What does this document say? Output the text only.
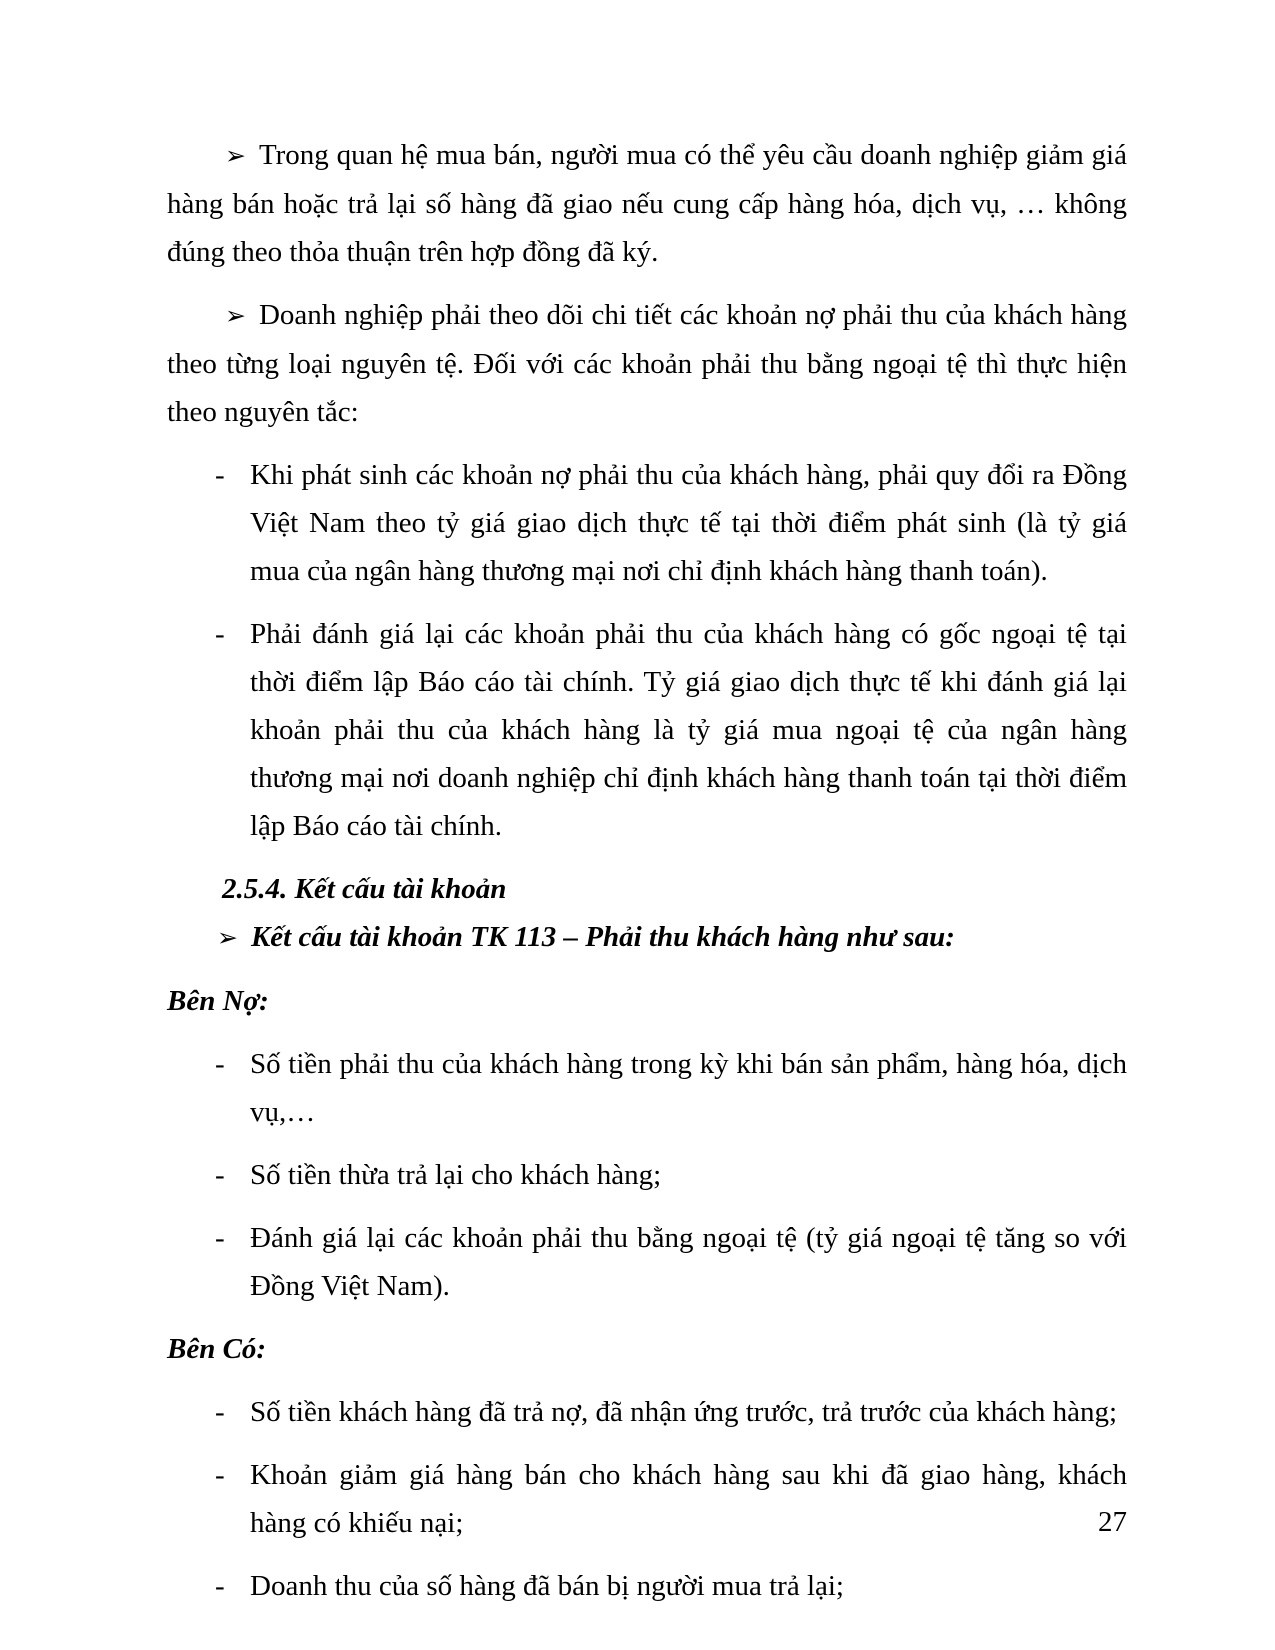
➢ Trong quan hệ mua bán, người mua có thể yêu cầu doanh nghiệp giảm giá hàng bán hoặc trả lại số hàng đã giao nếu cung cấp hàng hóa, dịch vụ, … không đúng theo thỏa thuận trên hợp đồng đã ký.

➢ Doanh nghiệp phải theo dõi chi tiết các khoản nợ phải thu của khách hàng theo từng loại nguyên tệ. Đối với các khoản phải thu bằng ngoại tệ thì thực hiện theo nguyên tắc:

- Khi phát sinh các khoản nợ phải thu của khách hàng, phải quy đổi ra Đồng Việt Nam theo tỷ giá giao dịch thực tế tại thời điểm phát sinh (là tỷ giá mua của ngân hàng thương mại nơi chỉ định khách hàng thanh toán).
- Phải đánh giá lại các khoản phải thu của khách hàng có gốc ngoại tệ tại thời điểm lập Báo cáo tài chính. Tỷ giá giao dịch thực tế khi đánh giá lại khoản phải thu của khách hàng là tỷ giá mua ngoại tệ của ngân hàng thương mại nơi doanh nghiệp chỉ định khách hàng thanh toán tại thời điểm lập Báo cáo tài chính.

2.5.4. Kết cấu tài khoản

➢ Kết cấu tài khoản TK 113 – Phải thu khách hàng như sau:

Bên Nợ:

- Số tiền phải thu của khách hàng trong kỳ khi bán sản phẩm, hàng hóa, dịch vụ,…
- Số tiền thừa trả lại cho khách hàng;
- Đánh giá lại các khoản phải thu bằng ngoại tệ (tỷ giá ngoại tệ tăng so với Đồng Việt Nam).

Bên Có:

- Số tiền khách hàng đã trả nợ, đã nhận ứng trước, trả trước của khách hàng;
- Khoản giảm giá hàng bán cho khách hàng sau khi đã giao hàng, khách hàng có khiếu nại;
- Doanh thu của số hàng đã bán bị người mua trả lại;
27
